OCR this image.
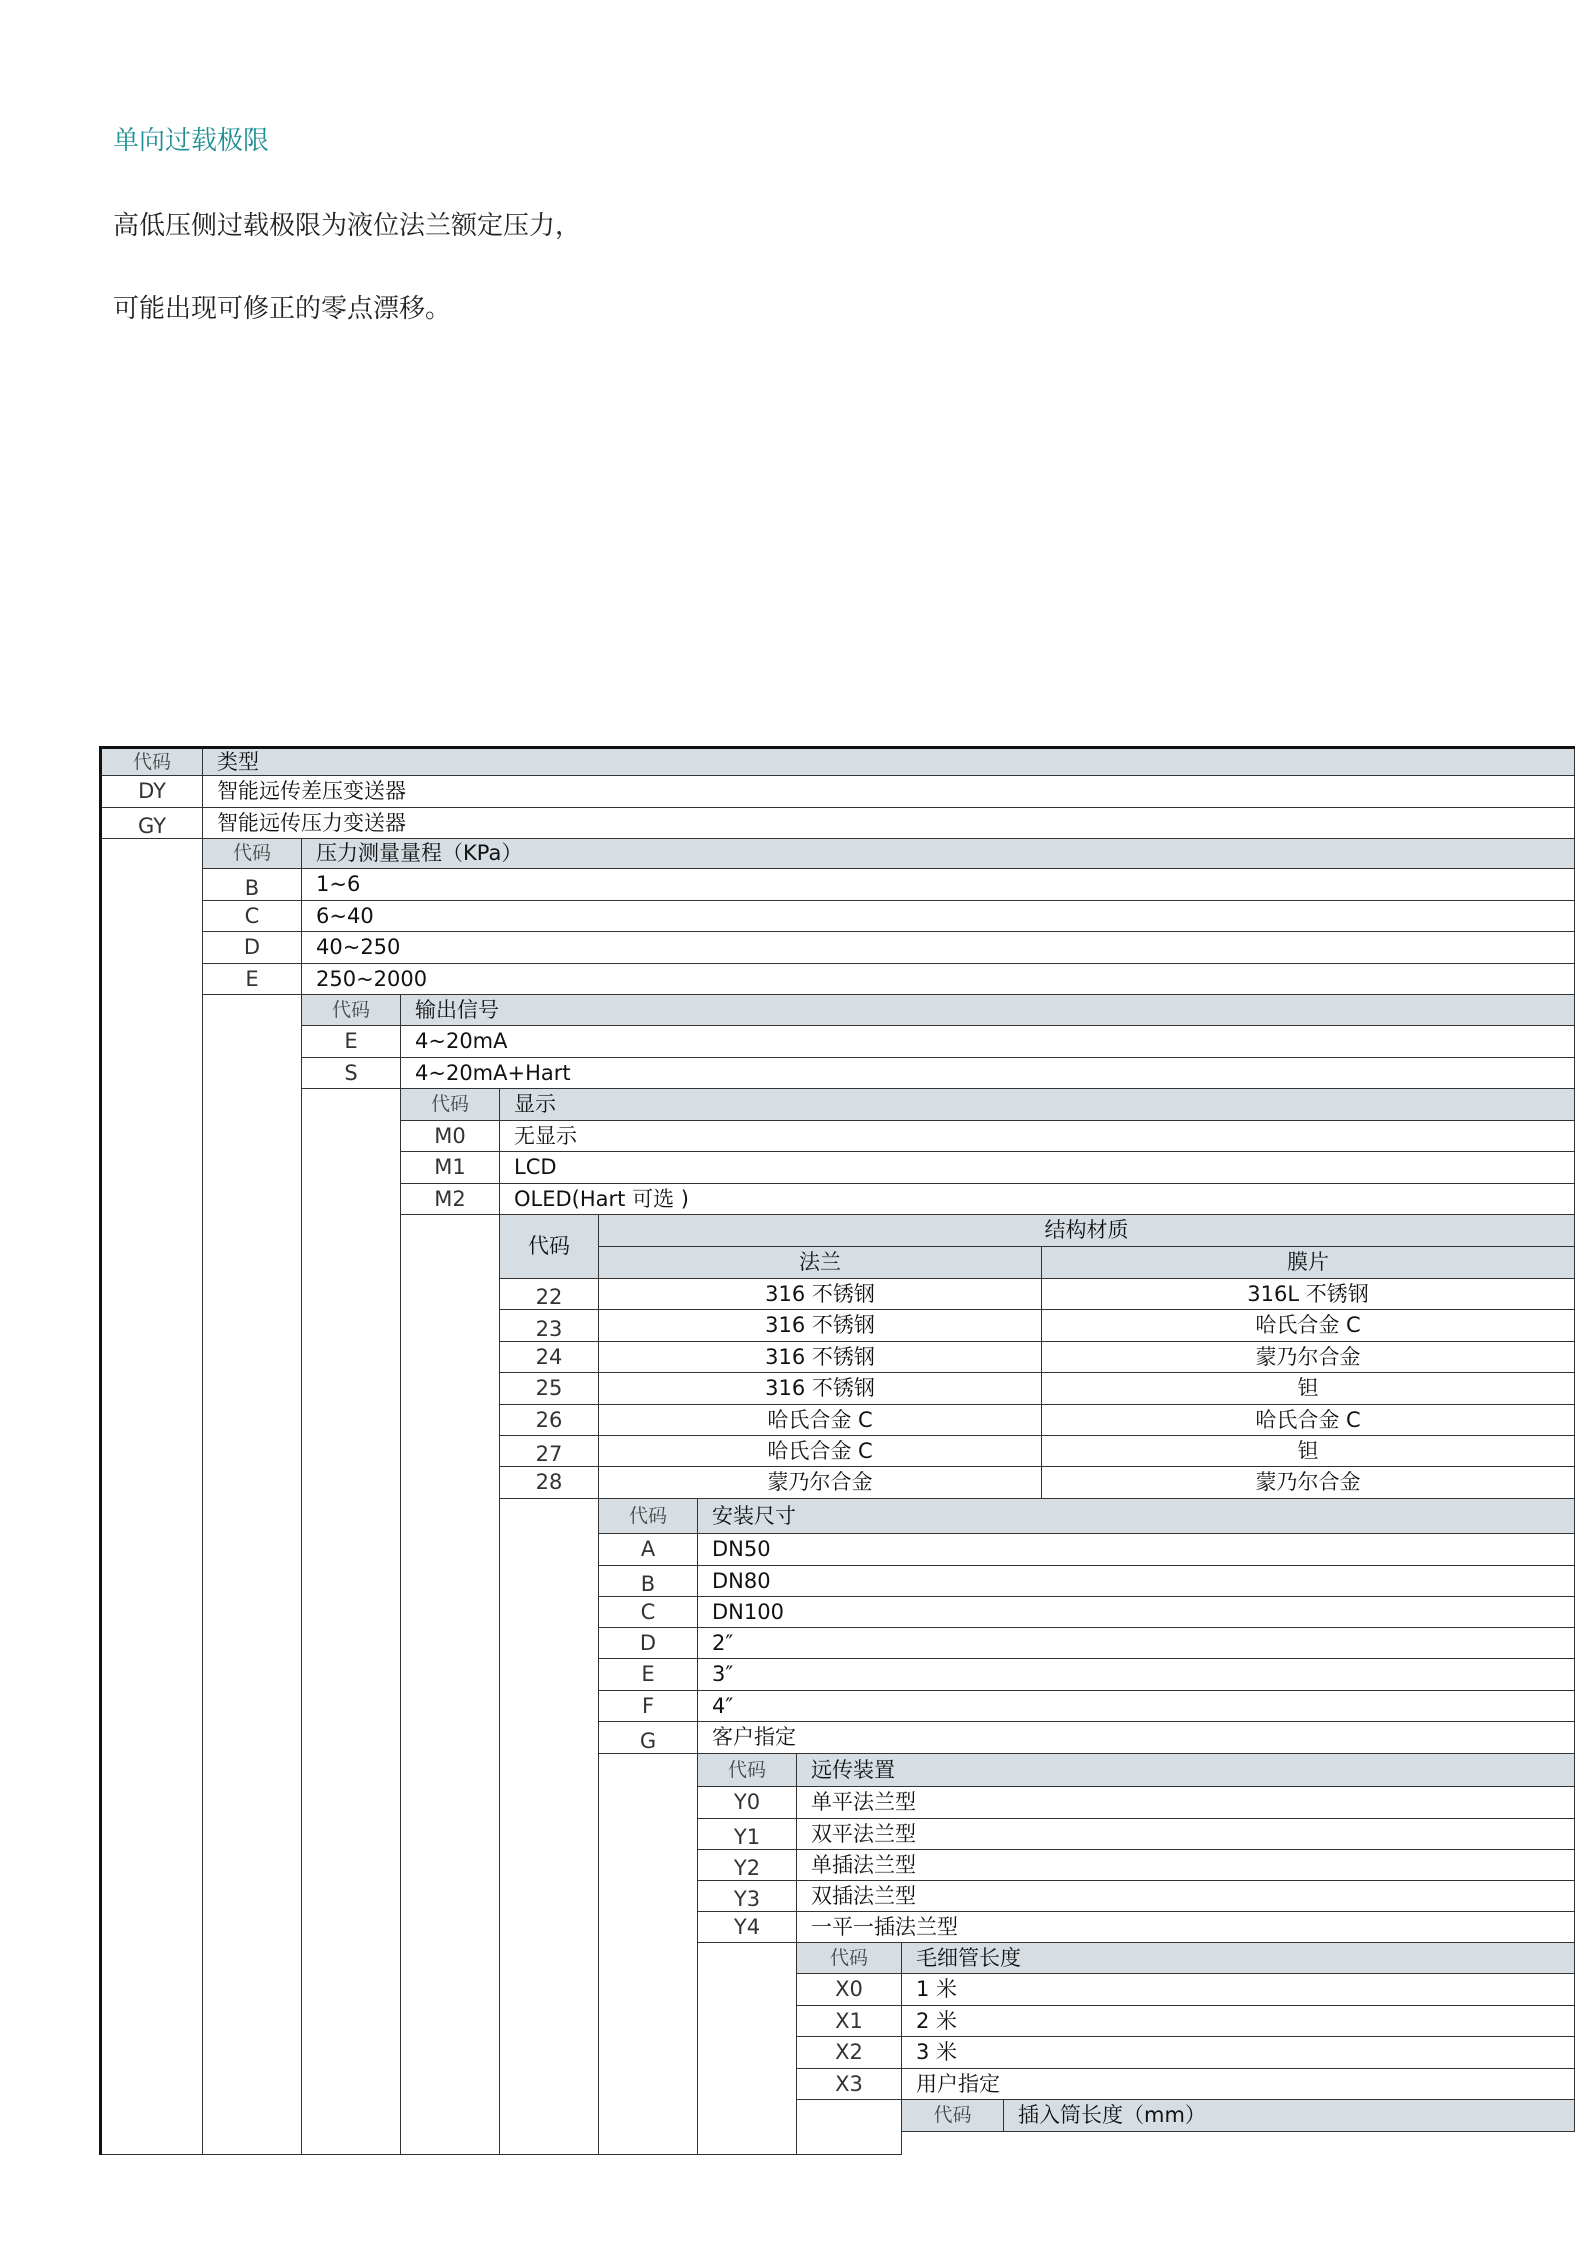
单向过载极限
高低压侧过载极限为液位法兰额定压力，
可能出现可修正的零点漂移。
代码	类型
DY	智能远传差压变送器
GY	智能远传压力变送器
代码	压力测量量程（KPa）
B	1~6
C	6~40
D	40~250
E	250~2000
代码	输出信号
E	4~20mA
S	4~20mA+Hart
代码	显示
M0	无显示
M1	LCD
M2	OLED(Hart 可选 )
代码
结构材质
法兰	膜片
22	316 不锈钢	316L 不锈钢
23	316 不锈钢	哈氏合金 C
24	316 不锈钢	蒙乃尔合金
25	316 不锈钢	钽
26	哈氏合金 C	哈氏合金 C
27	哈氏合金 C	钽
28	蒙乃尔合金	蒙乃尔合金
代码	安装尺寸
A	DN50
B	DN80
C	DN100
D	2″
E	3″
F	4″
G	客户指定
代码	远传装置
Y0	单平法兰型
Y1	双平法兰型
Y2	单插法兰型
Y3	双插法兰型
Y4	一平一插法兰型
代码	毛细管长度
X0	1 米
X1	2 米
X2	3 米
X3	用户指定
代码	插入筒长度（mm）
